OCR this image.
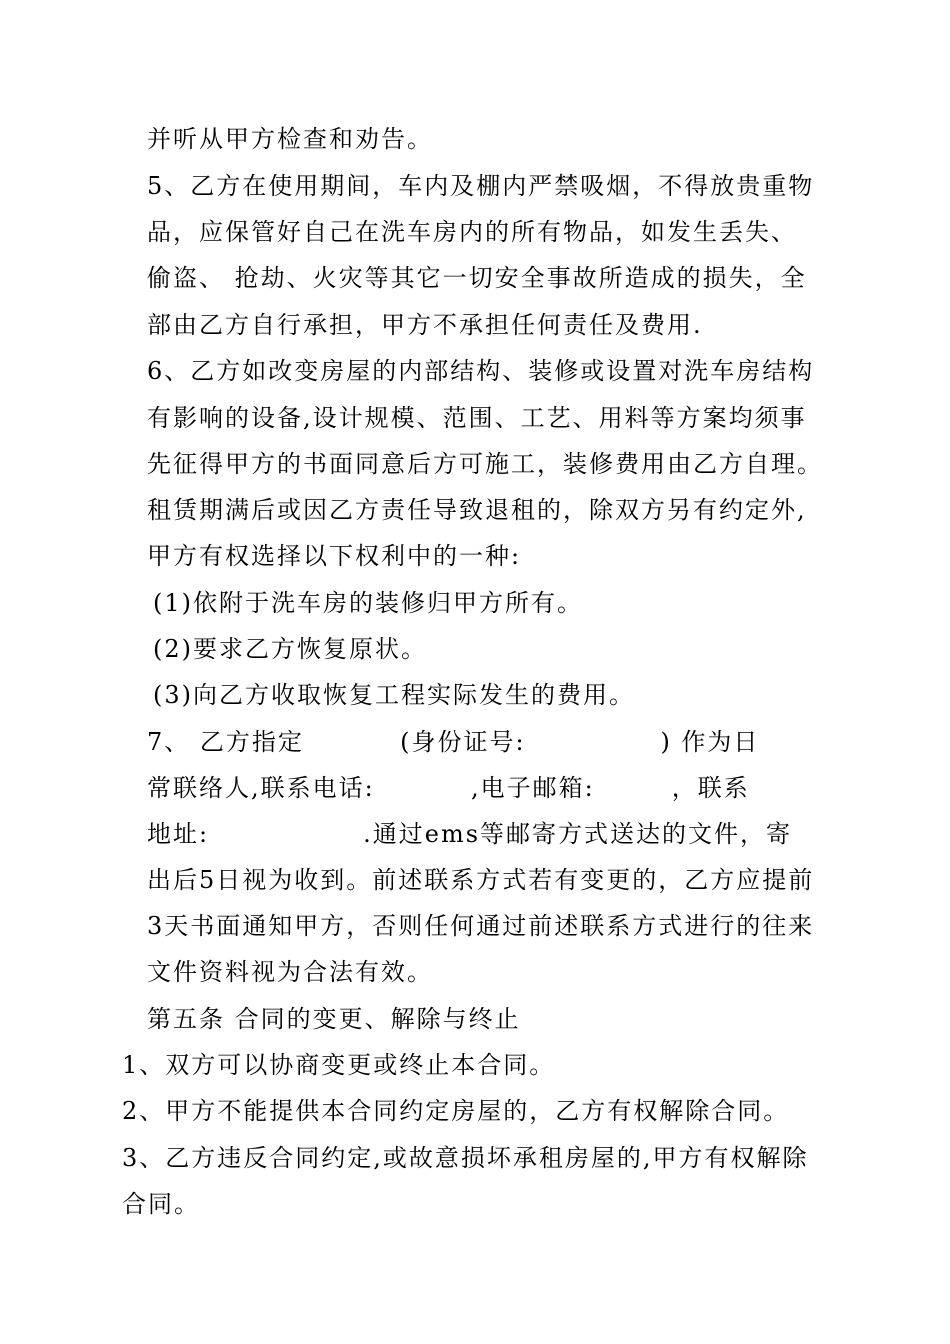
并听从甲方检查和劝告。
5、乙方在使用期间，车内及棚内严禁吸烟，不得放贵重物
品，应保管好自己在洗车房内的所有物品，如发生丢失、
偷盗、 抢劫、火灾等其它一切安全事故所造成的损失，全
部由乙方自行承担，甲方不承担任何责任及费用.
6、乙方如改变房屋的内部结构、装修或设置对洗车房结构
有影响的设备,设计规模、范围、工艺、用料等方案均须事
先征得甲方的书面同意后方可施工，装修费用由乙方自理。
租赁期满后或因乙方责任导致退租的，除双方另有约定外,
甲方有权选择以下权利中的一种:
(1)依附于洗车房的装修归甲方所有。
(2)要求乙方恢复原状。
(3)向乙方收取恢复工程实际发生的费用。
7、 乙方指定          (身份证号:              ) 作为日
常联络人,联系电话:          ,电子邮箱:        ，联系
地址:                .通过ems等邮寄方式送达的文件，寄
出后5日视为收到。前述联系方式若有变更的，乙方应提前
3天书面通知甲方，否则任何通过前述联系方式进行的往来
文件资料视为合法有效。
第五条 合同的变更、解除与终止
1、双方可以协商变更或终止本合同。
2、甲方不能提供本合同约定房屋的，乙方有权解除合同。
3、乙方违反合同约定,或故意损坏承租房屋的,甲方有权解除
合同。
